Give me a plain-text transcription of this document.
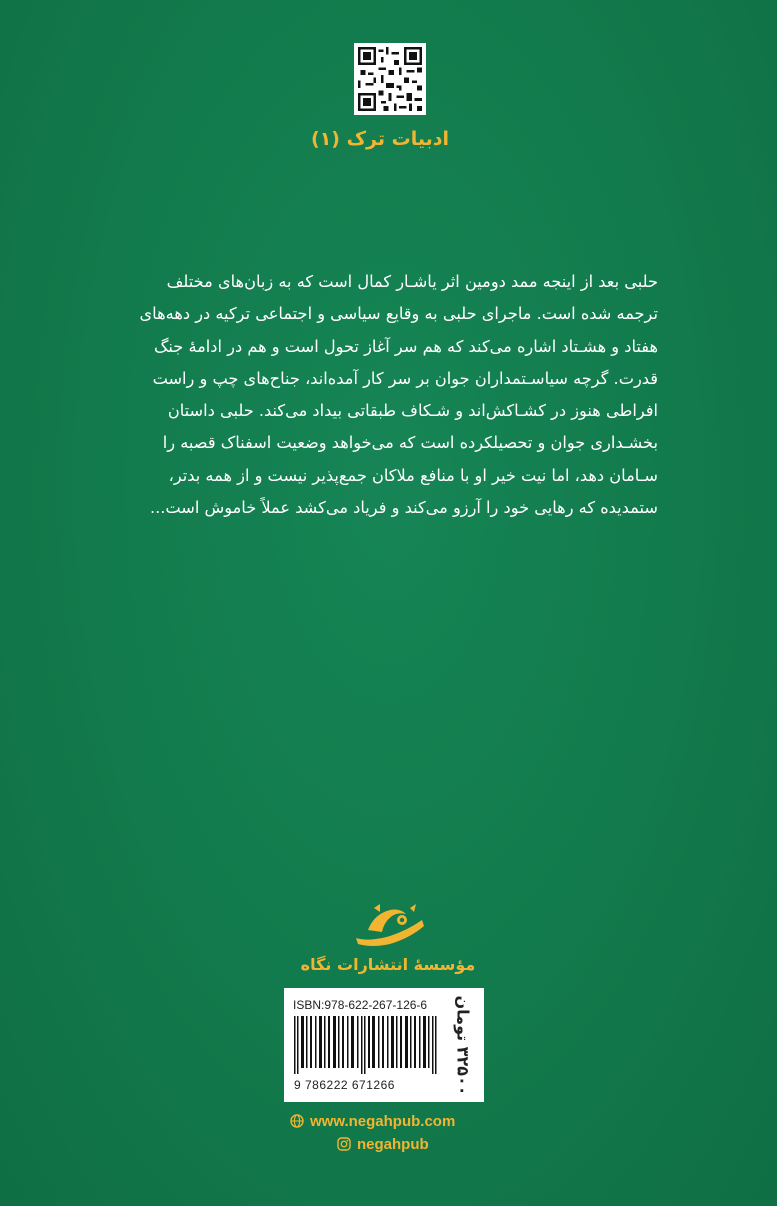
ادبیات ترک (۱)

حلبی بعد از اینجه ممد دومین اثر یاشـار کمال است که به زبان‌های مختلف

ترجمه شده است. ماجرای حلبی به وقایع سیاسی و اجتماعی ترکیه در دهه‌های

هفتاد و هشـتاد اشاره می‌کند که هم سر آغاز تحول است و هم در ادامهٔ جنگ

قدرت. گرچه سیاسـتمداران جوان بر سر کار آمده‌اند، جناح‌های چپ و راست

افراطی هنوز در کشـاکش‌اند و شـکاف طبقاتی بیداد می‌کند. حلبی داستان

بخشـداری جوان و تحصیلکرده است که می‌خواهد وضعیت اسفناک قصبه را

سـامان دهد، اما نیت خیر او با منافع ملاکان جمع‌پذیر نیست و از همه بدتر،

ستمدیده که رهایی خود را آرزو می‌کند و فریاد می‌کشد عملاً خاموش است...

مؤسسهٔ انتشارات نگاه
ISBN:978-622-267-126-6
9 786222 671266
۳۲۵۰۰ تومان
www.negahpub.com
negahpub
